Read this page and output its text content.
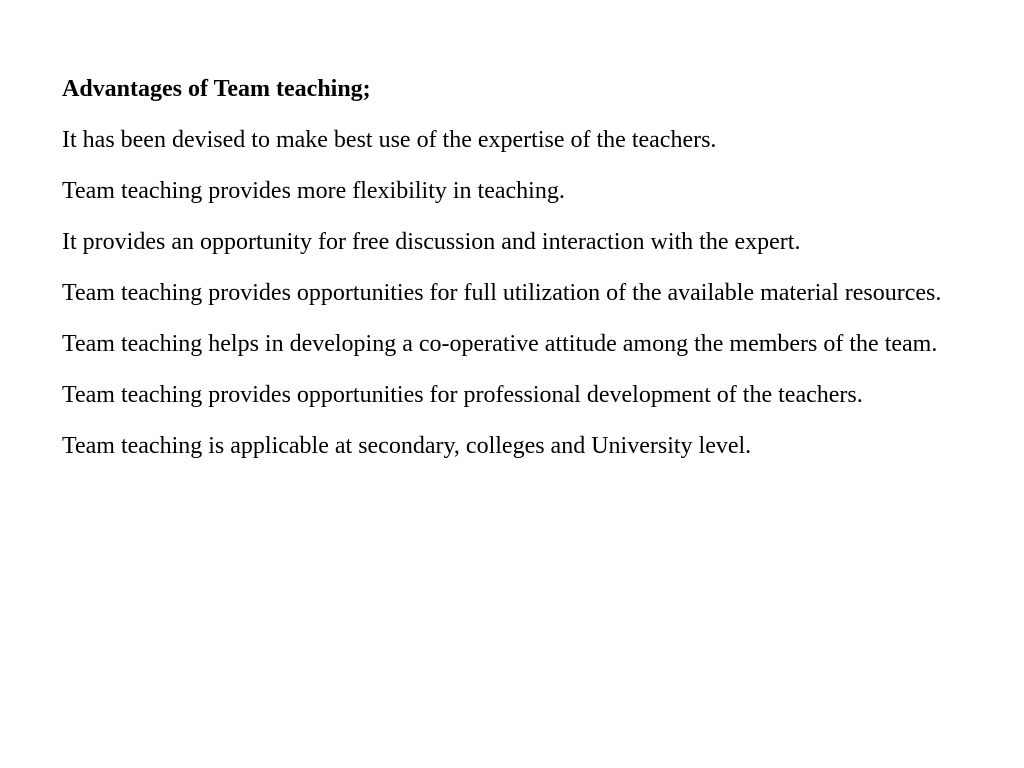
Advantages of Team teaching;

It has been devised to make best use of the expertise of the teachers.

Team teaching provides more flexibility in teaching.

It provides an opportunity for free discussion and interaction with the expert.

Team teaching provides opportunities for full utilization of the available material resources.

Team teaching helps in developing a co-operative attitude among the members of the team.

Team teaching provides opportunities for professional development of the teachers.

Team teaching is applicable at secondary, colleges and University level.
